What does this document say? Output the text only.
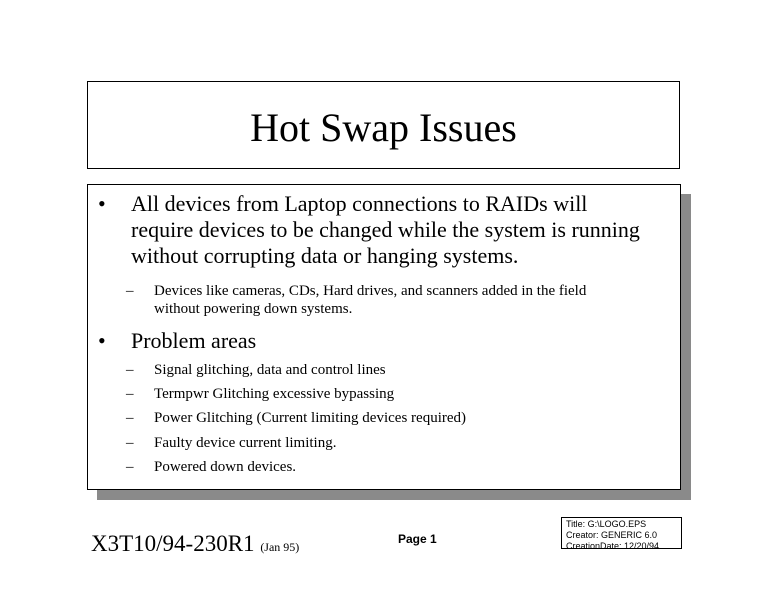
Hot Swap Issues
• All devices from Laptop connections to RAIDs will
require devices to be changed while the system is running
without corrupting data or hanging systems.
– Devices like cameras, CDs, Hard drives, and scanners added in the field
without powering down systems.
• Problem areas
– Signal glitching, data and control lines
– Termpwr Glitching excessive bypassing
– Power Glitching (Current limiting devices required)
– Faulty device current limiting.
– Powered down devices.
X3T10/94-230R1 (Jan 95)
Page 1
Title: G:\LOGO.EPS
Creator: GENERIC 6.0
CreationDate: 12/20/94
